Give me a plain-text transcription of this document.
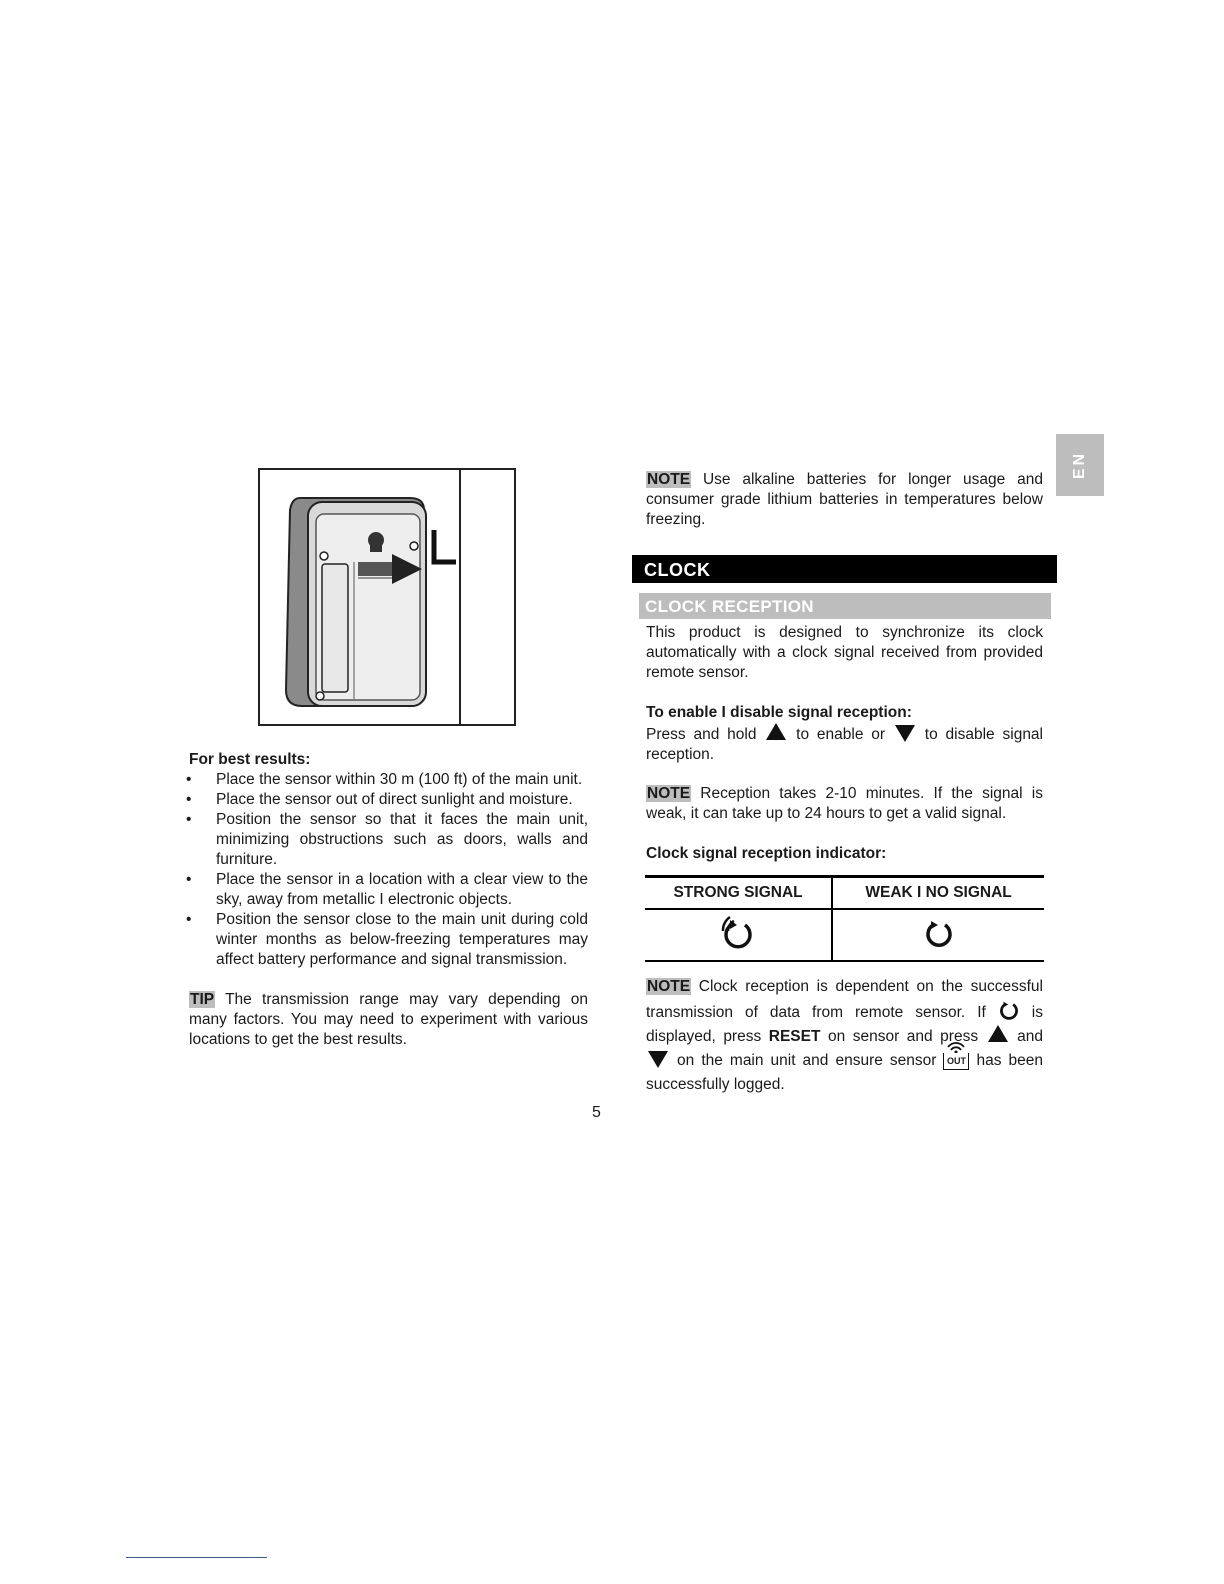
EN

For best results:

• Place the sensor within 30 m (100 ft) of the main unit.
• Place the sensor out of direct sunlight and moisture.
• Position the sensor so that it faces the main unit, minimizing obstructions such as doors, walls and furniture.
• Place the sensor in a location with a clear view to the sky, away from metallic I electronic objects.
• Position the sensor close to the main unit during cold winter months as below-freezing temperatures may affect battery performance and signal transmission.

TIP The transmission range may vary depending on many factors. You may need to experiment with various locations to get the best results.

5

NOTE Use alkaline batteries for longer usage and consumer grade lithium batteries in temperatures below freezing.

CLOCK
CLOCK RECEPTION

This product is designed to synchronize its clock automatically with a clock signal received from provided remote sensor.

To enable I disable signal reception:

Press and hold	to enable or	to disable signal reception.

NOTE Reception takes 2-10 minutes. If the signal is weak, it can take up to 24 hours to get a valid signal.

Clock signal reception indicator:

STRONG SIGNAL	WEAK I NO SIGNAL

NOTE Clock reception is dependent on the successful transmission of data from remote sensor. If	is displayed, press RESET on sensor and press	and  on the main unit and ensure sensor	OUT has been successfully logged.
